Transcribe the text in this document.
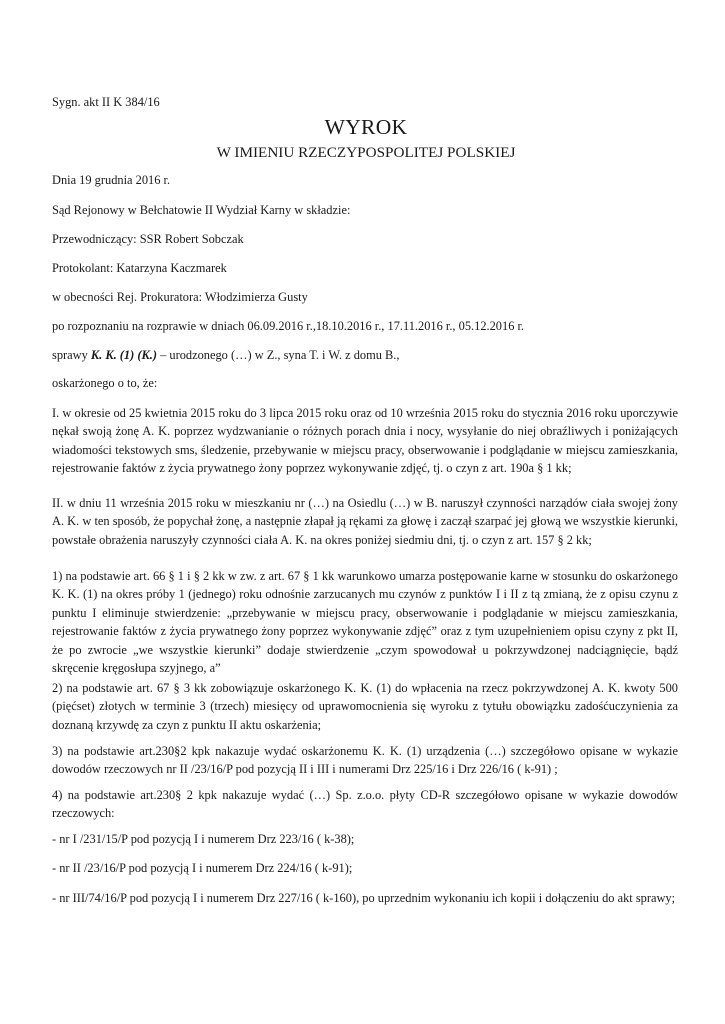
Sygn. akt II K 384/16

WYROK
W IMIENIU RZECZYPOSPOLITEJ POLSKIEJ

Dnia 19 grudnia 2016 r.

Sąd Rejonowy w Bełchatowie II Wydział Karny w składzie:

Przewodniczący: SSR Robert Sobczak

Protokolant: Katarzyna Kaczmarek

w obecności Rej. Prokuratora: Włodzimierza Gusty

po rozpoznaniu na rozprawie w dniach 06.09.2016 r.,18.10.2016 r., 17.11.2016 r., 05.12.2016 r.

sprawy K. K. (1) (K.) – urodzonego (…) w Z., syna T. i W. z domu B.,

oskarżonego o to, że:

I. w okresie od 25 kwietnia 2015 roku do 3 lipca 2015 roku oraz od 10 września 2015 roku do stycznia 2016 roku uporczywie nękał swoją żonę A. K. poprzez wydzwanianie o różnych porach dnia i nocy, wysyłanie do niej obraźliwych i poniżających wiadomości tekstowych sms, śledzenie, przebywanie w miejscu pracy, obserwowanie i podglądanie w miejscu zamieszkania, rejestrowanie faktów z życia prywatnego żony poprzez wykonywanie zdjęć, tj. o czyn z art. 190a § 1 kk;

II. w dniu 11 września 2015 roku w mieszkaniu nr (…) na Osiedlu (…) w B. naruszył czynności narządów ciała swojej żony A. K. w ten sposób, że popychał żonę, a następnie złapał ją rękami za głowę i zaczął szarpać jej głową we wszystkie kierunki, powstałe obrażenia naruszyły czynności ciała A. K. na okres poniżej siedmiu dni, tj. o czyn z art. 157 § 2 kk;

1) na podstawie art. 66 § 1 i § 2 kk w zw. z art. 67 § 1 kk warunkowo umarza postępowanie karne w stosunku do oskarżonego K. K. (1) na okres próby 1 (jednego) roku odnośnie zarzucanych mu czynów z punktów I i II z tą zmianą, że z opisu czynu z punktu I eliminuje stwierdzenie: „przebywanie w miejscu pracy, obserwowanie i podglądanie w miejscu zamieszkania, rejestrowanie faktów z życia prywatnego żony poprzez wykonywanie zdjęć” oraz z tym uzupełnieniem opisu czyny z pkt II, że po zwrocie „we wszystkie kierunki” dodaje stwierdzenie „czym spowodował u pokrzywdzonej nadciągnięcie, bądź skręcenie kręgosłupa szyjnego, a”

2) na podstawie art. 67 § 3 kk zobowiązuje oskarżonego K. K. (1) do wpłacenia na rzecz pokrzywdzonej A. K. kwoty 500 (pięćset) złotych w terminie 3 (trzech) miesięcy od uprawomocnienia się wyroku z tytułu obowiązku zadośćuczynienia za doznaną krzywdę za czyn z punktu II aktu oskarżenia;

3) na podstawie art.230§2 kpk nakazuje wydać oskarżonemu K. K. (1) urządzenia (…) szczegółowo opisane w wykazie dowodów rzeczowych nr II /23/16/P pod pozycją II i III i numerami Drz 225/16 i Drz 226/16 ( k-91) ;

4) na podstawie art.230§ 2 kpk nakazuje wydać (…) Sp. z.o.o. płyty CD-R szczegółowo opisane w wykazie dowodów rzeczowych:

- nr I /231/15/P pod pozycją I i numerem Drz 223/16 ( k-38);

- nr II /23/16/P pod pozycją I i numerem Drz 224/16 ( k-91);

- nr III/74/16/P pod pozycją I i numerem Drz 227/16 ( k-160), po uprzednim wykonaniu ich kopii i dołączeniu do akt sprawy;
